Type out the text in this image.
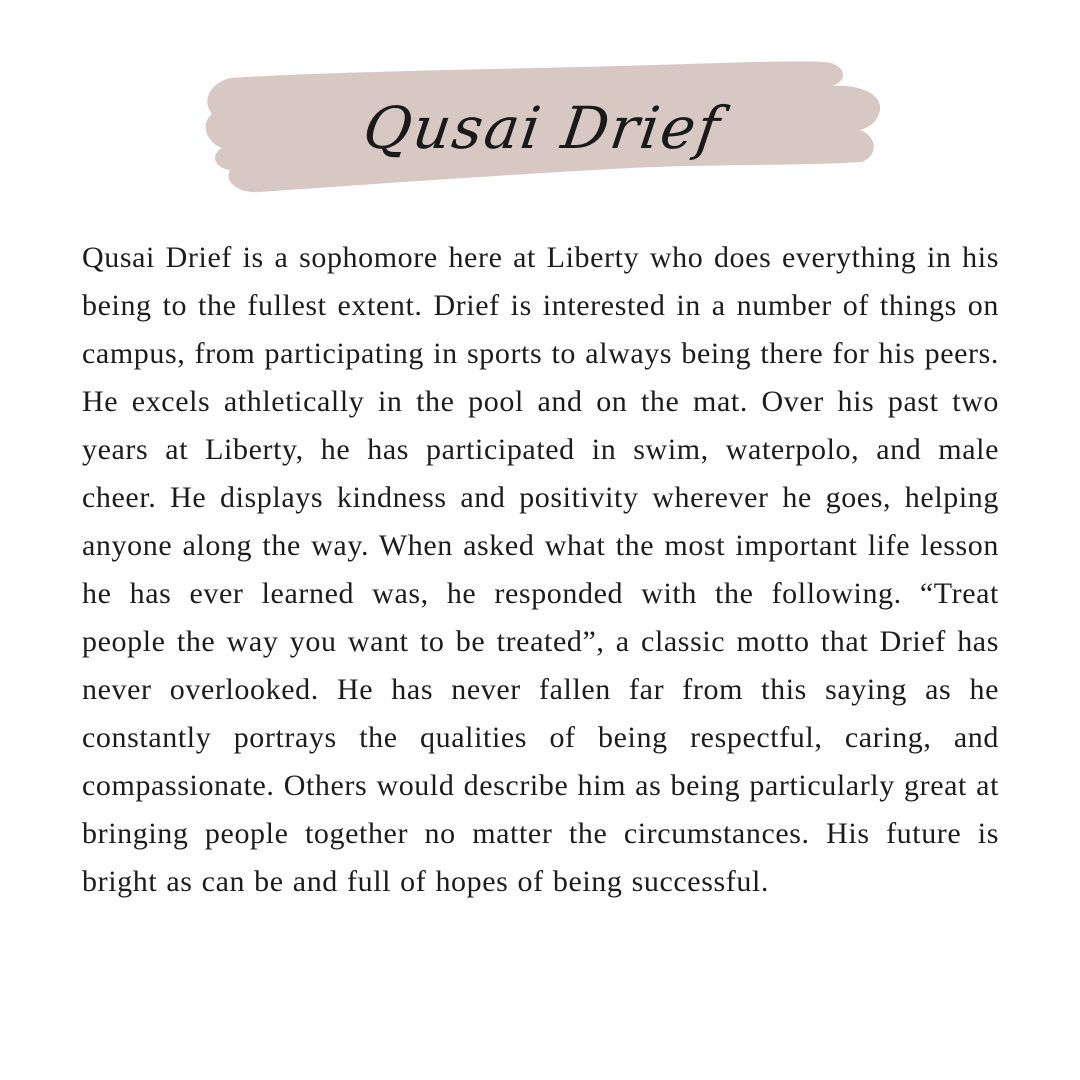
Qusai Drief

Qusai Drief is a sophomore here at Liberty who does everything in his being to the fullest extent. Drief is interested in a number of things on campus, from participating in sports to always being there for his peers. He excels athletically in the pool and on the mat. Over his past two years at Liberty, he has participated in swim, waterpolo, and male cheer. He displays kindness and positivity wherever he goes, helping anyone along the way. When asked what the most important life lesson he has ever learned was, he responded with the following. “Treat people the way you want to be treated”, a classic motto that Drief has never overlooked. He has never fallen far from this saying as he constantly portrays the qualities of being respectful, caring, and compassionate. Others would describe him as being particularly great at bringing people together no matter the circumstances. His future is bright as can be and full of hopes of being successful.
